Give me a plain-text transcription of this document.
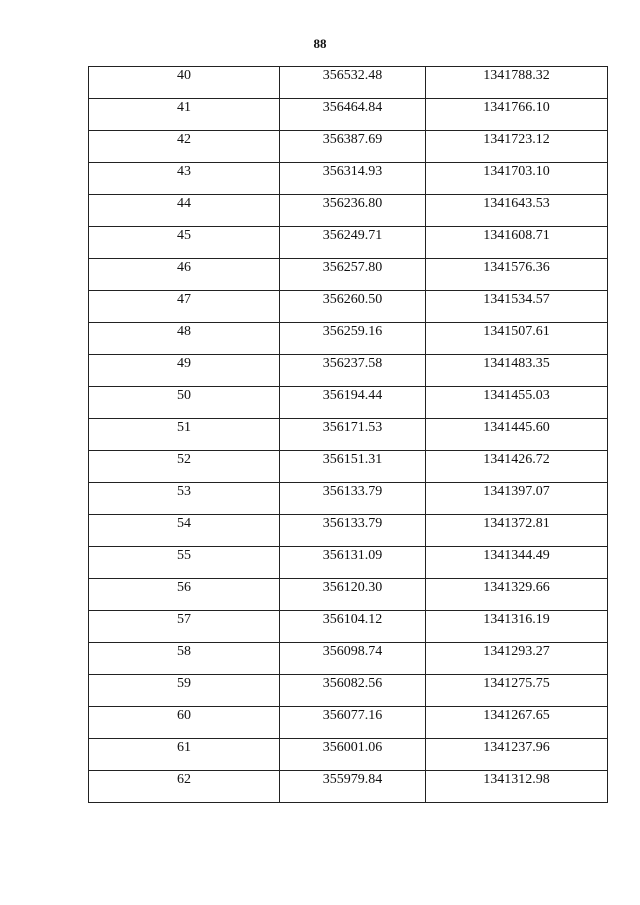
88
40	356532.48	1341788.32
41	356464.84	1341766.10
42	356387.69	1341723.12
43	356314.93	1341703.10
44	356236.80	1341643.53
45	356249.71	1341608.71
46	356257.80	1341576.36
47	356260.50	1341534.57
48	356259.16	1341507.61
49	356237.58	1341483.35
50	356194.44	1341455.03
51	356171.53	1341445.60
52	356151.31	1341426.72
53	356133.79	1341397.07
54	356133.79	1341372.81
55	356131.09	1341344.49
56	356120.30	1341329.66
57	356104.12	1341316.19
58	356098.74	1341293.27
59	356082.56	1341275.75
60	356077.16	1341267.65
61	356001.06	1341237.96
62	355979.84	1341312.98
